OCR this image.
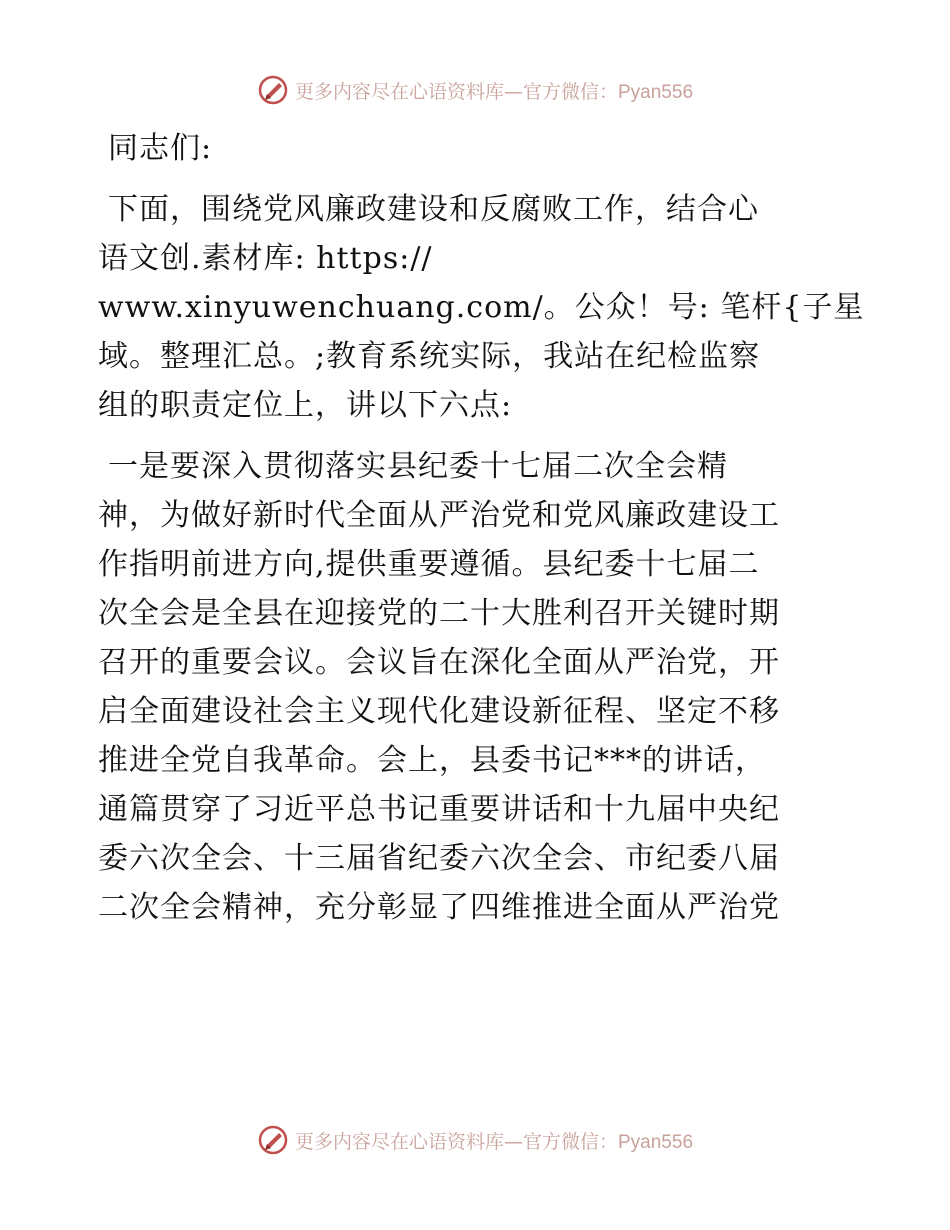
更多内容尽在心语资料库—官方微信：Pyan556
同志们:
下面，围绕党风廉政建设和反腐败工作，结合心
语文创.素材库: https://
www.xinyuwenchuang.com/。公众！号: 笔杆{子星
域。整理汇总。;教育系统实际，我站在纪检监察
组的职责定位上，讲以下六点:
一是要深入贯彻落实县纪委十七届二次全会精
神，为做好新时代全面从严治党和党风廉政建设工
作指明前进方向,提供重要遵循。县纪委十七届二
次全会是全县在迎接党的二十大胜利召开关键时期
召开的重要会议。会议旨在深化全面从严治党，开
启全面建设社会主义现代化建设新征程、坚定不移
推进全党自我革命。会上，县委书记***的讲话，
通篇贯穿了习近平总书记重要讲话和十九届中央纪
委六次全会、十三届省纪委六次全会、市纪委八届
二次全会精神，充分彰显了四维推进全面从严治党
更多内容尽在心语资料库—官方微信：Pyan556
